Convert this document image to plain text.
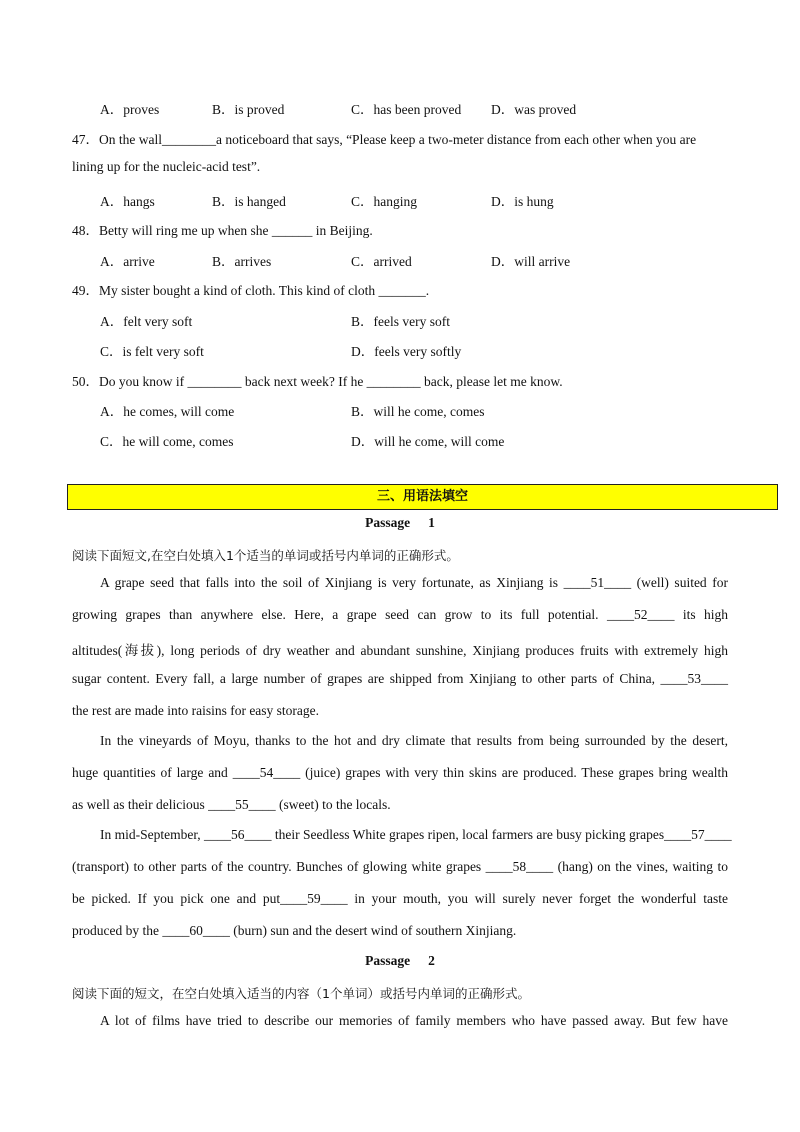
A．proves	B．is proved	C．has been proved D．was proved
47．On the wall________a noticeboard that says, “Please keep a two-meter distance from each other when you are
lining up for the nucleic-acid test”.
A．hangs	B．is hanged	C．hanging	D．is hung
48．Betty will ring me up when she ______ in Beijing.
A．arrive	B．arrives	C．arrived	D．will arrive
49．My sister bought a kind of cloth. This kind of cloth _______.
A．felt very soft	B．feels very soft
C．is felt very soft	D．feels very softly
50．Do you know if ________ back next week? If he ________ back, please let me know.
A．he comes, will come	B．will he come, comes
C．he will come, comes	D．will he come, will come
三、用语法填空
Passage 1
阅读下面短文,在空白处填入1个适当的单词或括号内单词的正确形式。
A grape seed that falls into the soil of Xinjiang is very fortunate, as Xinjiang is ____51____ (well) suited for
growing grapes than anywhere else. Here, a grape seed can grow to its full potential. ____52____ its high
altitudes(海拔), long periods of dry weather and abundant sunshine, Xinjiang produces fruits with extremely high
sugar content. Every fall, a large number of grapes are shipped from Xinjiang to other parts of China, ____53____
the rest are made into raisins for easy storage.
In the vineyards of Moyu, thanks to the hot and dry climate that results from being surrounded by the desert,
huge quantities of large and ____54____ (juice) grapes with very thin skins are produced. These grapes bring wealth
as well as their delicious ____55____ (sweet) to the locals.
In mid-September, ____56____ their Seedless White grapes ripen, local farmers are busy picking grapes____57____
(transport) to other parts of the country. Bunches of glowing white grapes ____58____ (hang) on the vines, waiting to
be picked. If you pick one and put____59____ in your mouth, you will surely never forget the wonderful taste
produced by the ____60____ (burn) sun and the desert wind of southern Xinjiang.
Passage 2
阅读下面的短文，在空白处填入适当的内容（1个单词）或括号内单词的正确形式。
A lot of films have tried to describe our memories of family members who have passed away. But few have
